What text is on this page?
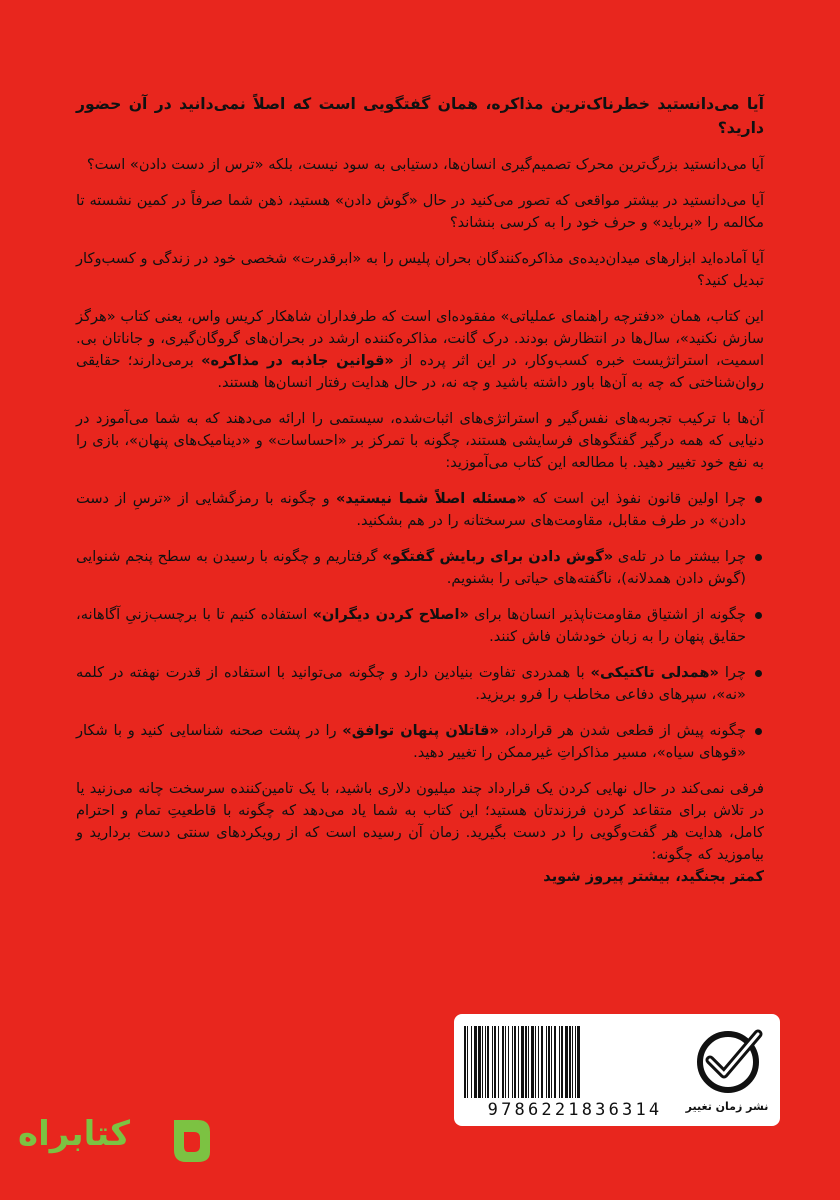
آیا می‌دانستید خطرناک‌ترین مذاکره، همان گفتگویی است که اصلاً نمی‌دانید در آن حضور دارید؟

آیا می‌دانستید بزرگ‌ترین محرک تصمیم‌گیری انسان‌ها، دستیابی به سود نیست، بلکه «ترس از دست دادن» است؟

آیا می‌دانستید در بیشتر مواقعی که تصور می‌کنید در حال «گوش دادن» هستید، ذهن شما صرفاً در کمین نشسته تا مکالمه را «برباید» و حرف خود را به کرسی بنشاند؟

آیا آماده‌اید ابزارهای میدان‌دیده‌ی مذاکره‌کنندگان بحران پلیس را به «ابرقدرت» شخصی خود در زندگی و کسب‌وکار تبدیل کنید؟

این کتاب، همان «دفترچه راهنمای عملیاتی» مفقوده‌ای است که طرفداران شاهکار کریس واس، یعنی کتاب «هرگز سازش نکنید»، سال‌ها در انتظارش بودند. درک گانت، مذاکره‌کننده ارشد در بحران‌های گروگان‌گیری، و جاناتان بی. اسمیت، استراتژیست خبره کسب‌وکار، در این اثر پرده از «قوانین جاذبه در مذاکره» برمی‌دارند؛ حقایقی روان‌شناختی که چه به آن‌ها باور داشته باشید و چه نه، در حال هدایت رفتار انسان‌ها هستند.

آن‌ها با ترکیب تجربه‌های نفس‌گیر و استراتژی‌های اثبات‌شده، سیستمی را ارائه می‌دهند که به شما می‌آموزد در دنیایی که همه درگیر گفتگوهای فرسایشی هستند، چگونه با تمرکز بر «احساسات» و «دینامیک‌های پنهان»، بازی را به نفع خود تغییر دهید. با مطالعه این کتاب می‌آموزید:

چرا اولین قانون نفوذ این است که «مسئله اصلاً شما نیستید» و چگونه با رمزگشایی از «ترسِ از دست دادن» در طرف مقابل، مقاومت‌های سرسختانه را در هم بشکنید.
چرا بیشتر ما در تله‌ی «گوش دادن برای ربایش گفتگو» گرفتاریم و چگونه با رسیدن به سطح پنجم شنوایی (گوش دادن همدلانه)، ناگفته‌های حیاتی را بشنویم.
چگونه از اشتیاق مقاومت‌ناپذیر انسان‌ها برای «اصلاح کردن دیگران» استفاده کنیم تا با برچسب‌زنیِ آگاهانه، حقایق پنهان را به زبان خودشان فاش کنند.
چرا «همدلی تاکتیکی» با همدردی تفاوت بنیادین دارد و چگونه می‌توانید با استفاده از قدرت نهفته در کلمه «نه»، سپرهای دفاعی مخاطب را فرو بریزید.
چگونه پیش از قطعی شدن هر قرارداد، «قاتلان پنهان توافق» را در پشت صحنه شناسایی کنید و با شکار «قوهای سیاه»، مسیر مذاکراتِ غیرممکن را تغییر دهید.

فرقی نمی‌کند در حال نهایی کردن یک قرارداد چند میلیون دلاری باشید، با یک تامین‌کننده سرسخت چانه می‌زنید یا در تلاش برای متقاعد کردن فرزندتان هستید؛ این کتاب به شما یاد می‌دهد که چگونه با قاطعیتِ تمام و احترام کامل، هدایت هر گفت‌وگویی را در دست بگیرید. زمان آن رسیده است که از رویکردهای سنتی دست بردارید و بیاموزید که چگونه:
کمتر بجنگید، بیشتر پیروز شوید

9786221836314	نشر زمان تغییر
کتابراه
